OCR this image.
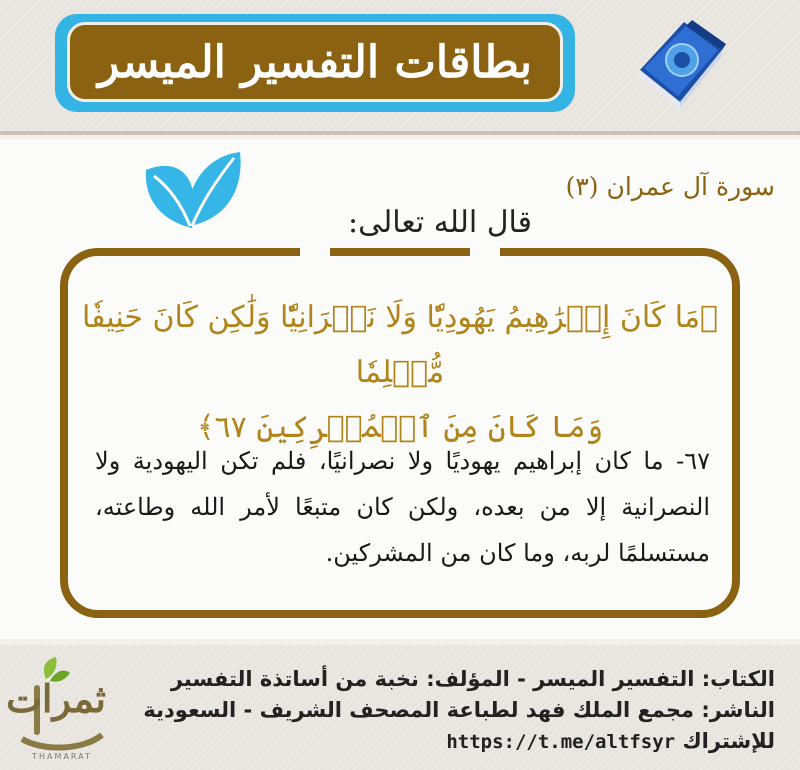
بطاقات التفسير الميسر
سورة آل عمران (٣)
قال الله تعالى:
﴿مَا كَانَ إِبۡرَٰهِيمُ يَهُودِيّٗا وَلَا نَصۡرَانِيّٗا وَلَٰكِن كَانَ حَنِيفٗا مُّسۡلِمٗا
وَمَا كَانَ مِنَ ٱلۡمُشۡرِكِينَ ٦٧﴾
٦٧- ما كان إبراهيم يهوديًا ولا نصرانيًا، فلم تكن اليهودية ولا النصرانية إلا من بعده، ولكن كان متبعًا لأمر الله وطاعته، مستسلمًا لربه، وما كان من المشركين.
ثمرات
THAMARAT
الكتاب: التفسير الميسر - المؤلف: نخبة من أساتذة التفسير
الناشر: مجمع الملك فهد لطباعة المصحف الشريف - السعودية
للإشتراك https://t.me/altfsyr
